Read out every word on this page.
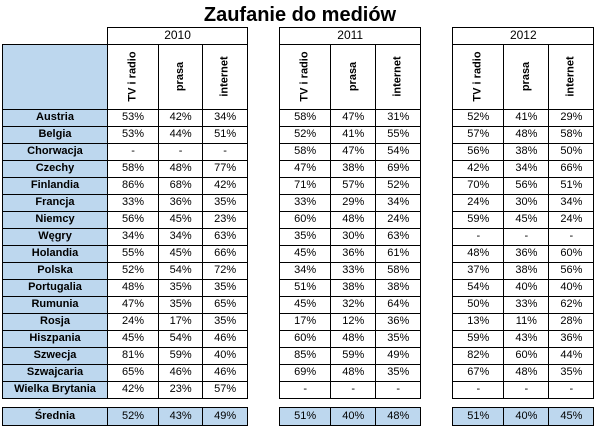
Zaufanie do mediów
	2010				2011				2012		
	TV i radio	prasa	internet		TV i radio	prasa	internet		TV i radio	prasa	internet
Austria	53%	42%	34%		58%	47%	31%		52%	41%	29%
Belgia	53%	44%	51%		52%	41%	55%		57%	48%	58%
Chorwacja	-	-	-		58%	47%	54%		56%	38%	50%
Czechy	58%	48%	77%		47%	38%	69%		42%	34%	66%
Finlandia	86%	68%	42%		71%	57%	52%		70%	56%	51%
Francja	33%	36%	35%		33%	29%	34%		24%	30%	34%
Niemcy	56%	45%	23%		60%	48%	24%		59%	45%	24%
Węgry	34%	34%	63%		35%	30%	63%		-	-	-
Holandia	55%	45%	66%		45%	36%	61%		48%	36%	60%
Polska	52%	54%	72%		34%	33%	58%		37%	38%	56%
Portugalia	48%	35%	35%		51%	38%	38%		54%	40%	40%
Rumunia	47%	35%	65%		45%	32%	64%		50%	33%	62%
Rosja	24%	17%	35%		17%	12%	36%		13%	11%	28%
Hiszpania	45%	54%	46%		60%	48%	35%		59%	43%	36%
Szwecja	81%	59%	40%		85%	59%	49%		82%	60%	44%
Szwajcaria	65%	46%	46%		69%	48%	35%		67%	48%	35%
Wielka Brytania	42%	23%	57%		-	-	-		-	-	-

Średnia	52%	43%	49%		51%	40%	48%		51%	40%	45%
